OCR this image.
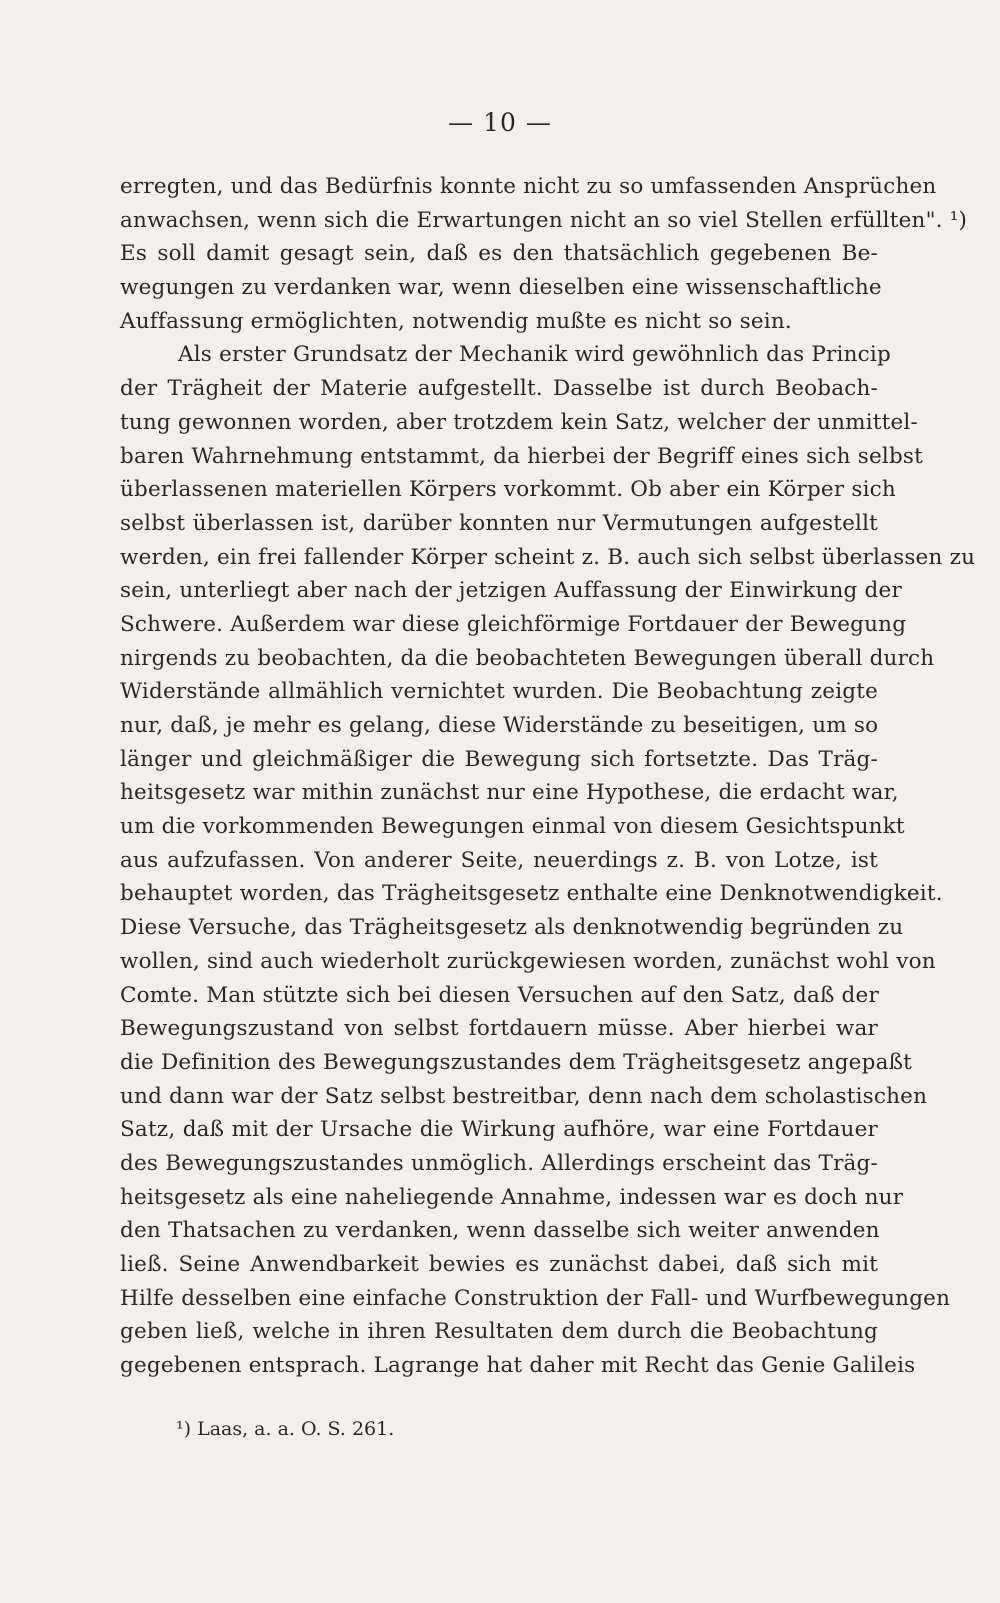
— 10 —
erregten, und das Bedürfnis konnte nicht zu so umfassenden Ansprüchen
anwachsen, wenn sich die Erwartungen nicht an so viel Stellen erfüllten". ¹)
Es soll damit gesagt sein, daß es den thatsächlich gegebenen Be-
wegungen zu verdanken war, wenn dieselben eine wissenschaftliche
Auffassung ermöglichten, notwendig mußte es nicht so sein.
Als erster Grundsatz der Mechanik wird gewöhnlich das Princip
der Trägheit der Materie aufgestellt. Dasselbe ist durch Beobach-
tung gewonnen worden, aber trotzdem kein Satz, welcher der unmittel-
baren Wahrnehmung entstammt, da hierbei der Begriff eines sich selbst
überlassenen materiellen Körpers vorkommt. Ob aber ein Körper sich
selbst überlassen ist, darüber konnten nur Vermutungen aufgestellt
werden, ein frei fallender Körper scheint z. B. auch sich selbst überlassen zu
sein, unterliegt aber nach der jetzigen Auffassung der Einwirkung der
Schwere. Außerdem war diese gleichförmige Fortdauer der Bewegung
nirgends zu beobachten, da die beobachteten Bewegungen überall durch
Widerstände allmählich vernichtet wurden. Die Beobachtung zeigte
nur, daß, je mehr es gelang, diese Widerstände zu beseitigen, um so
länger und gleichmäßiger die Bewegung sich fortsetzte. Das Träg-
heitsgesetz war mithin zunächst nur eine Hypothese, die erdacht war,
um die vorkommenden Bewegungen einmal von diesem Gesichtspunkt
aus aufzufassen. Von anderer Seite, neuerdings z. B. von Lotze, ist
behauptet worden, das Trägheitsgesetz enthalte eine Denknotwendigkeit.
Diese Versuche, das Trägheitsgesetz als denknotwendig begründen zu
wollen, sind auch wiederholt zurückgewiesen worden, zunächst wohl von
Comte. Man stützte sich bei diesen Versuchen auf den Satz, daß der
Bewegungszustand von selbst fortdauern müsse. Aber hierbei war
die Definition des Bewegungszustandes dem Trägheitsgesetz angepaßt
und dann war der Satz selbst bestreitbar, denn nach dem scholastischen
Satz, daß mit der Ursache die Wirkung aufhöre, war eine Fortdauer
des Bewegungszustandes unmöglich. Allerdings erscheint das Träg-
heitsgesetz als eine naheliegende Annahme, indessen war es doch nur
den Thatsachen zu verdanken, wenn dasselbe sich weiter anwenden
ließ. Seine Anwendbarkeit bewies es zunächst dabei, daß sich mit
Hilfe desselben eine einfache Construktion der Fall- und Wurfbewegungen
geben ließ, welche in ihren Resultaten dem durch die Beobachtung
gegebenen entsprach. Lagrange hat daher mit Recht das Genie Galileis
¹) Laas, a. a. O. S. 261.
